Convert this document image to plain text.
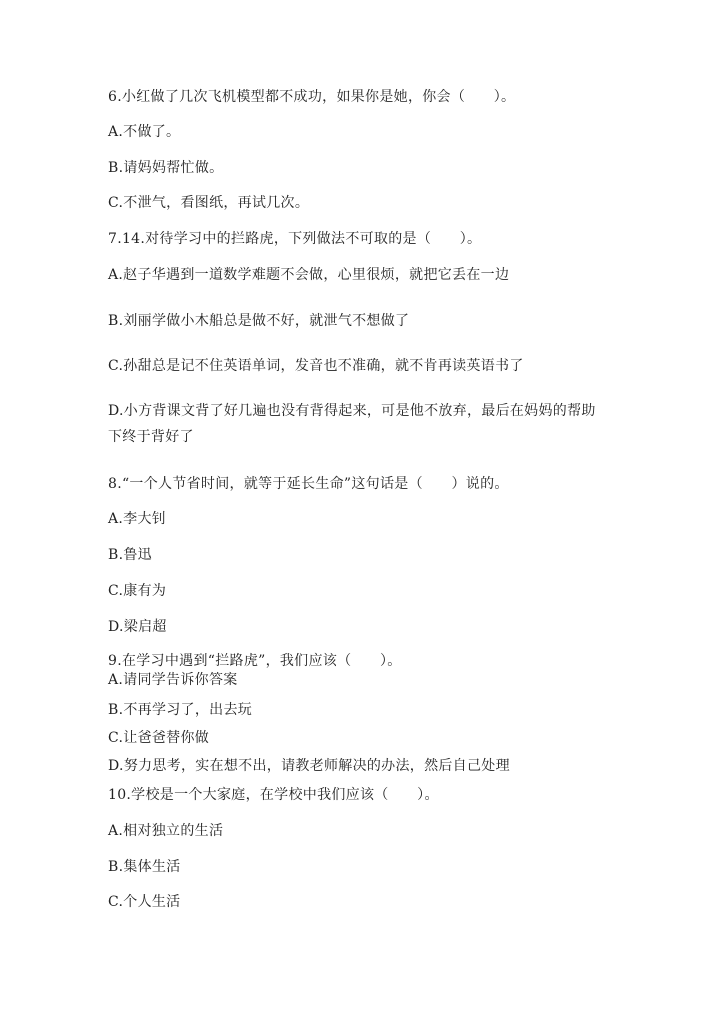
6.小红做了几次飞机模型都不成功，如果你是她，你会（　　）。
A.不做了。
B.请妈妈帮忙做。
C.不泄气，看图纸，再试几次。
7.14.对待学习中的拦路虎，下列做法不可取的是（　　）。
A.赵子华遇到一道数学难题不会做，心里很烦，就把它丢在一边
B.刘丽学做小木船总是做不好，就泄气不想做了
C.孙甜总是记不住英语单词，发音也不准确，就不肯再读英语书了
D.小方背课文背了好几遍也没有背得起来，可是他不放弃，最后在妈妈的帮助
下终于背好了
8.“一个人节省时间，就等于延长生命”这句话是（　　）说的。
A.李大钊
B.鲁迅
C.康有为
D.梁启超
9.在学习中遇到“拦路虎”，我们应该（　　）。
A.请同学告诉你答案
B.不再学习了，出去玩
C.让爸爸替你做
D.努力思考，实在想不出，请教老师解决的办法，然后自己处理
10.学校是一个大家庭，在学校中我们应该（　　）。
A.相对独立的生活
B.集体生活
C.个人生活
